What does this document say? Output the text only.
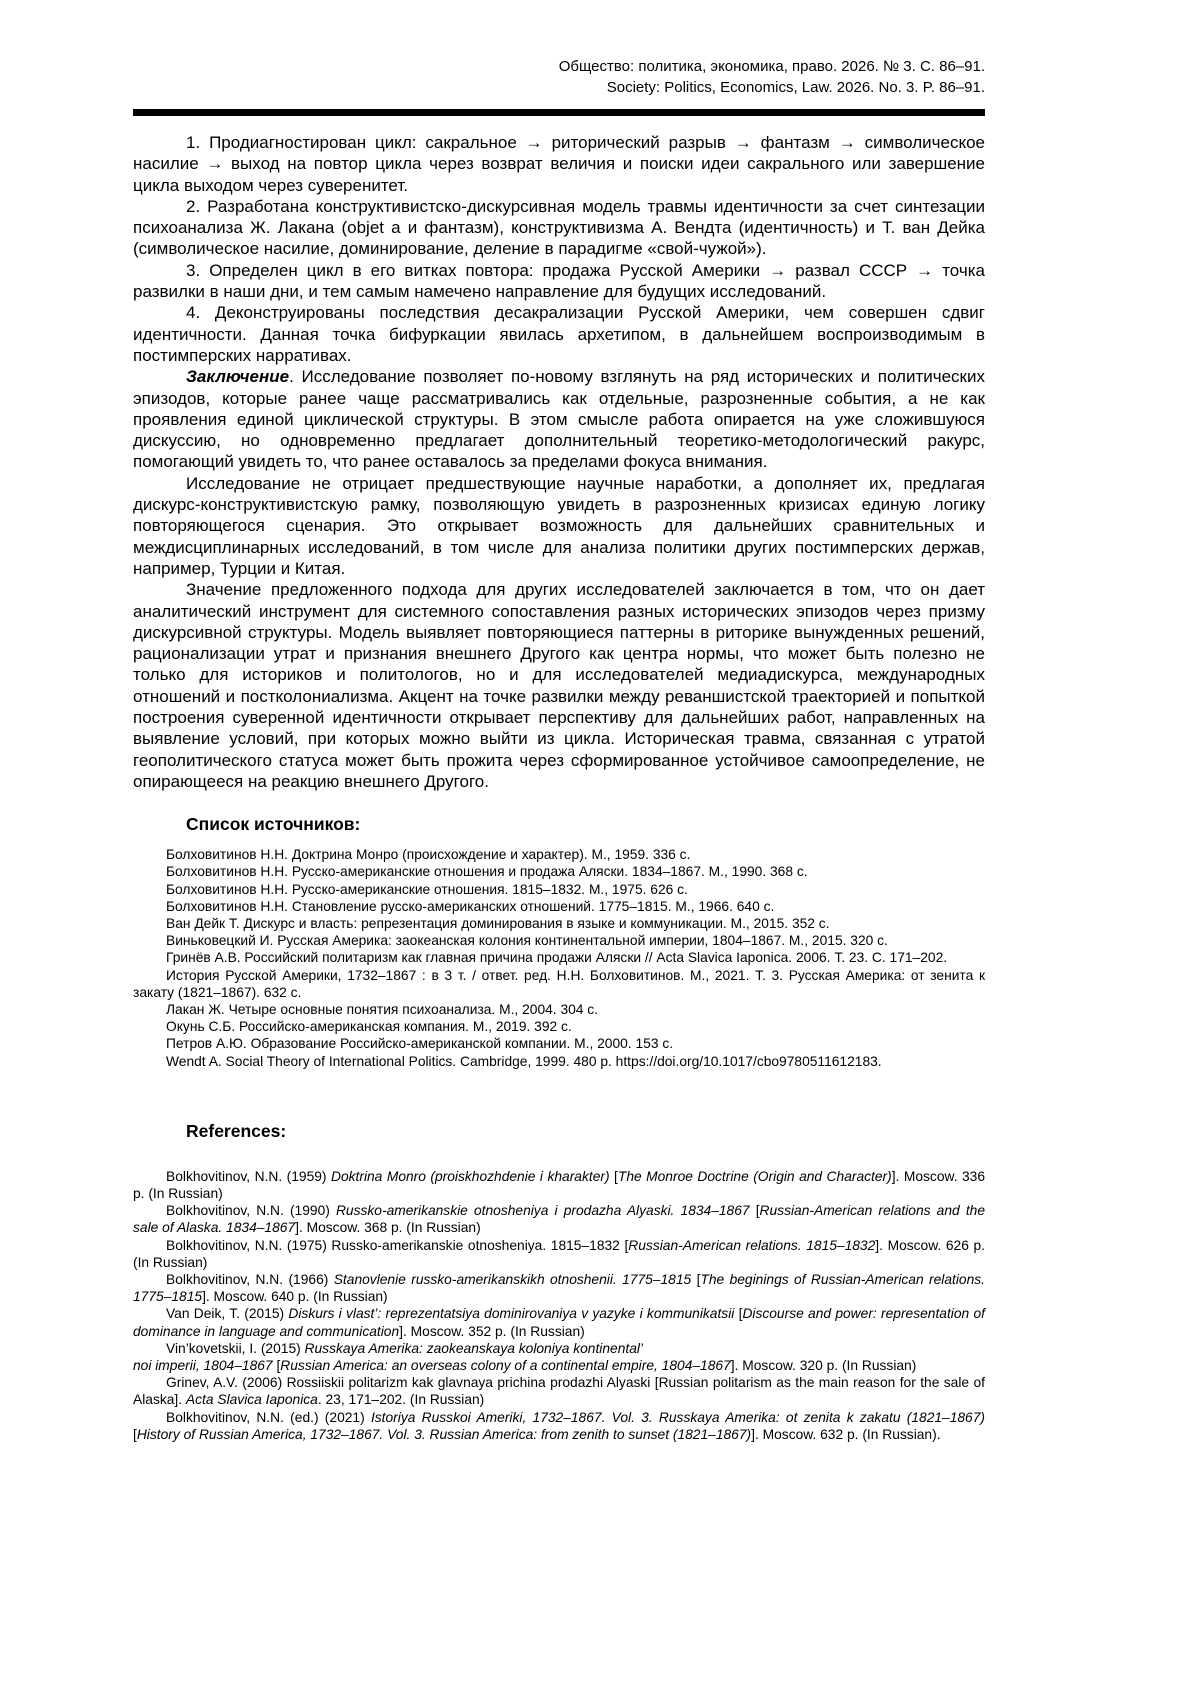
Общество: политика, экономика, право. 2026. № 3. С. 86–91.
Society: Politics, Economics, Law. 2026. No. 3. P. 86–91.

1. Продиагностирован цикл: сакральное → риторический разрыв → фантазм → символическое насилие → выход на повтор цикла через возврат величия и поиски идеи сакрального или завершение цикла выходом через суверенитет.

2. Разработана конструктивистско-дискурсивная модель травмы идентичности за счет синтезации психоанализа Ж. Лакана (objet a и фантазм), конструктивизма А. Вендта (идентичность) и Т. ван Дейка (символическое насилие, доминирование, деление в парадигме «свой-чужой»).

3. Определен цикл в его витках повтора: продажа Русской Америки → развал СССР → точка развилки в наши дни, и тем самым намечено направление для будущих исследований.

4. Деконструированы последствия десакрализации Русской Америки, чем совершен сдвиг идентичности. Данная точка бифуркации явилась архетипом, в дальнейшем воспроизводимым в постимперских нарративах.

Заключение. Исследование позволяет по-новому взглянуть на ряд исторических и политических эпизодов, которые ранее чаще рассматривались как отдельные, разрозненные события, а не как проявления единой циклической структуры. В этом смысле работа опирается на уже сложившуюся дискуссию, но одновременно предлагает дополнительный теоретико-методологический ракурс, помогающий увидеть то, что ранее оставалось за пределами фокуса внимания.

Исследование не отрицает предшествующие научные наработки, а дополняет их, предлагая дискурс-конструктивистскую рамку, позволяющую увидеть в разрозненных кризисах единую логику повторяющегося сценария. Это открывает возможность для дальнейших сравнительных и междисциплинарных исследований, в том числе для анализа политики других постимперских держав, например, Турции и Китая.

Значение предложенного подхода для других исследователей заключается в том, что он дает аналитический инструмент для системного сопоставления разных исторических эпизодов через призму дискурсивной структуры. Модель выявляет повторяющиеся паттерны в риторике вынужденных решений, рационализации утрат и признания внешнего Другого как центра нормы, что может быть полезно не только для историков и политологов, но и для исследователей медиадискурса, международных отношений и постколониализма. Акцент на точке развилки между реваншистской траекторией и попыткой построения суверенной идентичности открывает перспективу для дальнейших работ, направленных на выявление условий, при которых можно выйти из цикла. Историческая травма, связанная с утратой геополитического статуса может быть прожита через сформированное устойчивое самоопределение, не опирающееся на реакцию внешнего Другого.

Список источников:

Болховитинов Н.Н. Доктрина Монро (происхождение и характер). М., 1959. 336 с.

Болховитинов Н.Н. Русско-американские отношения и продажа Аляски. 1834–1867. М., 1990. 368 с.

Болховитинов Н.Н. Русско-американские отношения. 1815–1832. М., 1975. 626 с.

Болховитинов Н.Н. Становление русско-американских отношений. 1775–1815. М., 1966. 640 с.

Ван Дейк Т. Дискурс и власть: репрезентация доминирования в языке и коммуникации. М., 2015. 352 с.

Виньковецкий И. Русская Америка: заокеанская колония континентальной империи, 1804–1867. М., 2015. 320 с.

Гринёв А.В. Российский политаризм как главная причина продажи Аляски // Acta Slavica Iaponica. 2006. Т. 23. С. 171–202.

История Русской Америки, 1732–1867 : в 3 т. / ответ. ред. Н.Н. Болховитинов. М., 2021. Т. 3. Русская Америка: от зенита к закату (1821–1867). 632 с.

Лакан Ж. Четыре основные понятия психоанализа. М., 2004. 304 с.

Окунь С.Б. Российско-американская компания. М., 2019. 392 с.

Петров А.Ю. Образование Российско-американской компании. М., 2000. 153 с.

Wendt A. Social Theory of International Politics. Cambridge, 1999. 480 p. https://doi.org/10.1017/cbo9780511612183.

References:

Bolkhovitinov, N.N. (1959) Doktrina Monro (proiskhozhdenie i kharakter) [The Monroe Doctrine (Origin and Character)]. Moscow. 336 p. (In Russian)

Bolkhovitinov, N.N. (1990) Russko-amerikanskie otnosheniya i prodazha Alyaski. 1834–1867 [Russian-American relations and the sale of Alaska. 1834–1867]. Moscow. 368 p. (In Russian)

Bolkhovitinov, N.N. (1975) Russko-amerikanskie otnosheniya. 1815–1832 [Russian-American relations. 1815–1832]. Moscow. 626 p. (In Russian)

Bolkhovitinov, N.N. (1966) Stanovlenie russko-amerikanskikh otnoshenii. 1775–1815 [The beginings of Russian-American relations. 1775–1815]. Moscow. 640 p. (In Russian)

Van Deik, T. (2015) Diskurs i vlast’: reprezentatsiya dominirovaniya v yazyke i kommunikatsii [Discourse and power: representation of dominance in language and communication]. Moscow. 352 p. (In Russian)

Vin’kovetskii, I. (2015) Russkaya Amerika: zaokeanskaya koloniya kontinental’
noi imperii, 1804–1867 [Russian America: an overseas colony of a continental empire, 1804–1867]. Moscow. 320 p. (In Russian)

Grinev, A.V. (2006) Rossiiskii politarizm kak glavnaya prichina prodazhi Alyaski [Russian politarism as the main reason for the sale of Alaska]. Acta Slavica Iaponica. 23, 171–202. (In Russian)

Bolkhovitinov, N.N. (ed.) (2021) Istoriya Russkoi Ameriki, 1732–1867. Vol. 3. Russkaya Amerika: ot zenita k zakatu (1821–1867) [History of Russian America, 1732–1867. Vol. 3. Russian America: from zenith to sunset (1821–1867)]. Moscow. 632 p. (In Russian).
